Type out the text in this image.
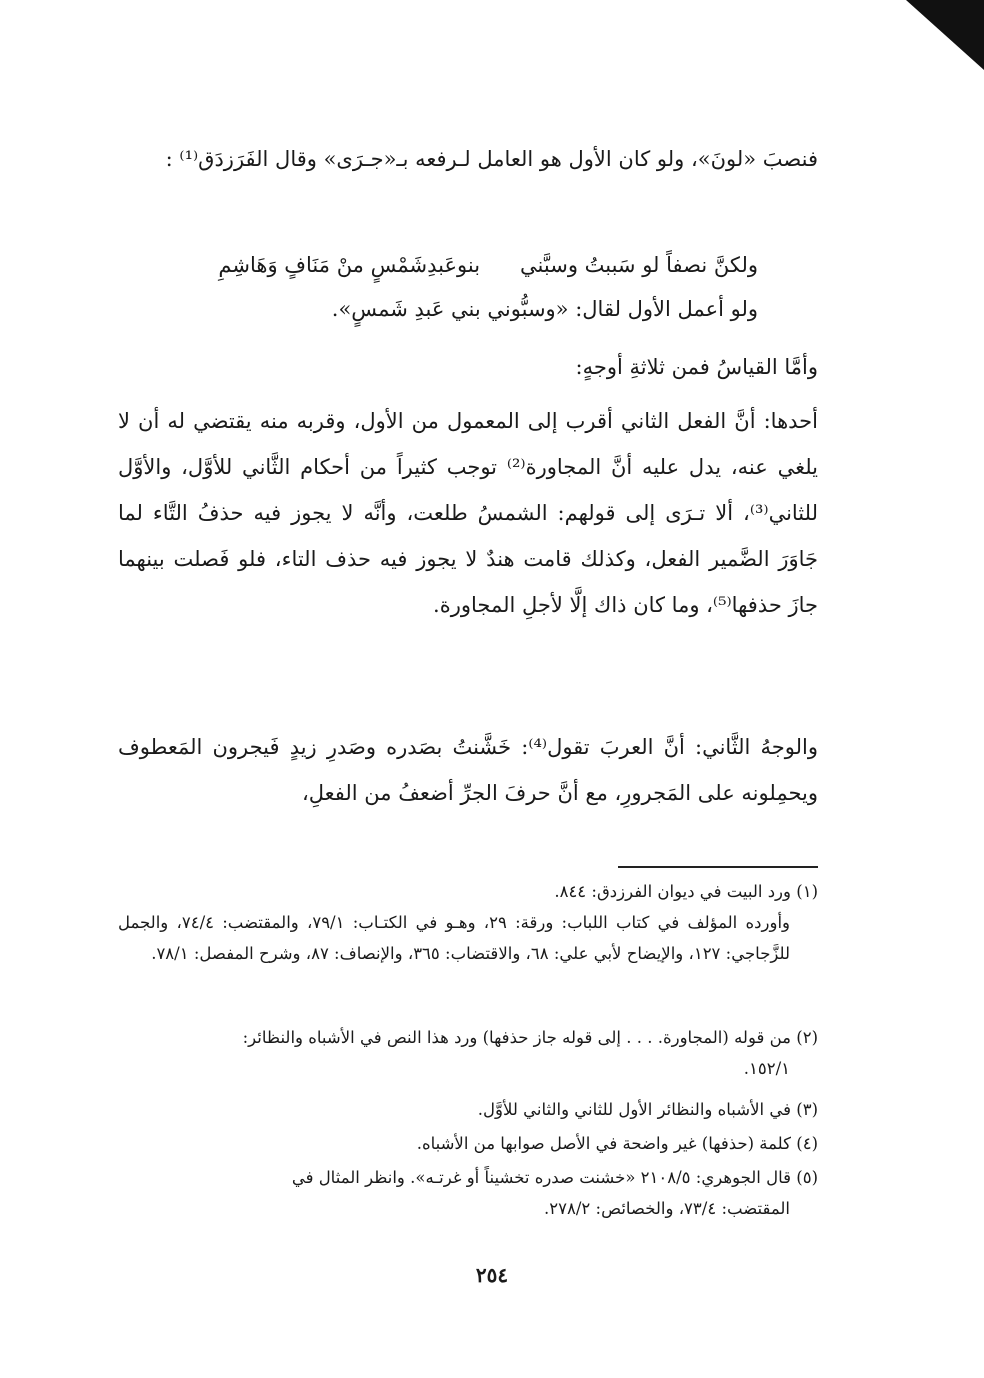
فنصبَ «لونَ»، ولو كان الأول هو العامل لـرفعه بـ«جـرَى» وقال الفَرَزدَق⁽¹⁾ :

ولكنَّ نصفاً لو سَببتُ وسبَّنيبنوعَبدِشَمْسٍ منْ مَنَافٍ وَهَاشِمِ

ولو أعمل الأول لقال: «وسبُّوني بني عَبدِ شَمسٍ».

وأمَّا القياسُ فمن ثلاثةِ أوجهٍ:

أحدها: أنَّ الفعل الثاني أقرب إلى المعمول من الأول، وقربه منه يقتضي له أن لا يلغي عنه، يدل عليه أنَّ المجاورة⁽²⁾ توجب كثيراً من أحكام الثَّاني للأوَّل، والأوَّل للثاني⁽³⁾، ألا تـرَى إلى قولهم: الشمسُ طلعت، وأنَّه لا يجوز فيه حذفُ التَّاء لما جَاوَرَ الضَّمير الفعل، وكذلك قامت هندٌ لا يجوز فيه حذف التاء، فلو فَصلت بينهما جازَ حذفها⁽⁵⁾، وما كان ذاك إلَّا لأجلِ المجاورة.

والوجهُ الثَّاني: أنَّ العربَ تقول⁽⁴⁾: خَشَّنتُ بصَدره وصَدرِ زيدٍ فَيجرون المَعطوف ويحمِلونه على المَجرورِ، مع أنَّ حرفَ الجرِّ أضعفُ من الفعلِ،

(١) ورد البيت في ديوان الفرزدق: ٨٤٤.
وأورده المؤلف في كتاب اللباب: ورقة: ٢٩، وهـو في الكتـاب: ٧٩/١، والمقتضب: ٧٤/٤، والجمل للزَّجاجي: ١٢٧، والإيضاح لأبي علي: ٦٨، والاقتضاب: ٣٦٥، والإنصاف: ٨٧، وشرح المفصل: ٧٨/١.

(٢) من قوله (المجاورة. . . . إلى قوله جاز حذفها) ورد هذا النص في الأشباه والنظائر:
١٥٢/١.

(٣) في الأشباه والنظائر الأول للثاني والثاني للأوَّل.

(٤) كلمة (حذفها) غير واضحة في الأصل صوابها من الأشباه.

(٥) قال الجوهري: ٢١٠٨/٥ «خشنت صدره تخشيناً أو غرتـه». وانظر المثال في
المقتضب: ٧٣/٤، والخصائص: ٢٧٨/٢.

٢٥٤
